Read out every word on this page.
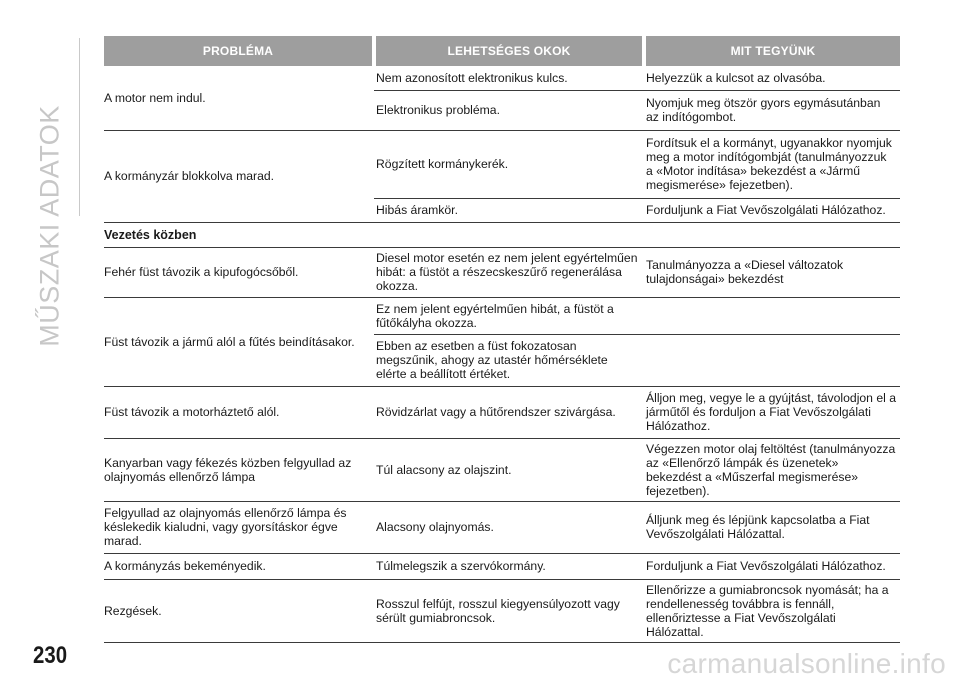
MŰSZAKI ADATOK
PROBLÉMA	LEHETSÉGES OKOK	MIT TEGYÜNK
A motor nem indul.	Nem azonosított elektronikus kulcs.	Helyezzük a kulcsot az olvasóba.
	Elektronikus probléma.	Nyomjuk meg ötször gyors egymásutánban az indítógombot.
A kormányzár blokkolva marad.	Rögzített kormánykerék.	Fordítsuk el a kormányt, ugyanakkor nyomjuk meg a motor indítógombját (tanulmányozzuk a «Motor indítása» bekezdést a «Jármű megismerése» fejezetben).
	Hibás áramkör.	Forduljunk a Fiat Vevőszolgálati Hálózathoz.
Vezetés közben		
Fehér füst távozik a kipufogócsőből.	Diesel motor esetén ez nem jelent egyértelműen hibát: a füstöt a részecskeszűrő regenerálása okozza.	Tanulmányozza a «Diesel változatok tulajdonságai» bekezdést
Füst távozik a jármű alól a fűtés beindításakor.	Ez nem jelent egyértelműen hibát, a füstöt a fűtőkályha okozza.	
	Ebben az esetben a füst fokozatosan megszűnik, ahogy az utastér hőmérséklete elérte a beállított értéket.	
Füst távozik a motorháztető alól.	Rövidzárlat vagy a hűtőrendszer szivárgása.	Álljon meg, vegye le a gyújtást, távolodjon el a járműtől és forduljon a Fiat Vevőszolgálati Hálózathoz.
Kanyarban vagy fékezés közben felgyullad az olajnyomás ellenőrző lámpa	Túl alacsony az olajszint.	Végezzen motor olaj feltöltést (tanulmányozza az «Ellenőrző lámpák és üzenetek» bekezdést a «Műszerfal megismerése» fejezetben).
Felgyullad az olajnyomás ellenőrző lámpa és késlekedik kialudni, vagy gyorsításkor égve marad.	Alacsony olajnyomás.	Álljunk meg és lépjünk kapcsolatba a Fiat Vevőszolgálati Hálózattal.
A kormányzás bekeményedik.	Túlmelegszik a szervókormány.	Forduljunk a Fiat Vevőszolgálati Hálózathoz.
Rezgések.	Rosszul felfújt, rosszul kiegyensúlyozott vagy sérült gumiabroncsok.	Ellenőrizze a gumiabroncsok nyomását; ha a rendellenesség továbbra is fennáll, ellenőriztesse a Fiat Vevőszolgálati Hálózattal.
230	carmanualsonline.info
